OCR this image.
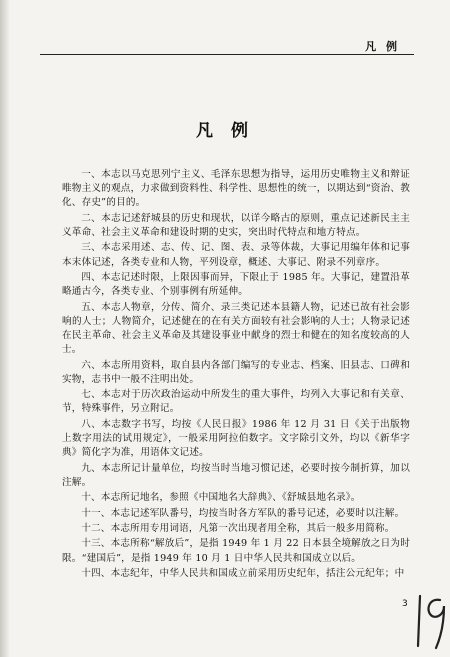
凡 例
凡 例

一、本志以马克思列宁主义、毛泽东思想为指导，运用历史唯物主义和辩证唯物主义的观点，力求做到资料性、科学性、思想性的统一，以期达到“资治、教化、存史”的目的。

二、本志记述舒城县的历史和现状，以详今略古的原则，重点记述新民主主义革命、社会主义革命和建设时期的史实，突出时代特点和地方特点。

三、本志采用述、志、传、记、图、表、录等体裁，大事记用编年体和记事本末体记述，各类专业和人物，平列设章，概述、大事记、附录不列章序。

四、本志记述时限，上限因事而异，下限止于 1985 年。大事记，建置沿革略通古今，各类专业、个别事例有所延伸。

五、本志人物章，分传、简介、录三类记述本县籍人物，记述已故有社会影响的人士；人物简介，记述健在的在有关方面较有社会影响的人士；人物录记述在民主革命、社会主义革命及其建设事业中献身的烈士和健在的知名度较高的人士。

六、本志所用资料，取自县内各部门编写的专业志、档案、旧县志、口碑和实物，志书中一般不注明出处。

七、本志对于历次政治运动中所发生的重大事件，均列入大事记和有关章、节，特殊事件，另立附记。

八、本志数字书写，均按《人民日报》1986 年 12 月 31 日《关于出版物上数字用法的试用规定》，一般采用阿拉伯数字。文字除引文外，均以《新华字典》简化字为准，用语体文记述。

九、本志所记计量单位，均按当时当地习惯记述，必要时按今制折算，加以注解。

十、本志所记地名，参照《中国地名大辞典》、《舒城县地名录》。

十一、本志记述军队番号，均按当时各方军队的番号记述，必要时以注解。

十二、本志所用专用词语，凡第一次出现者用全称，其后一般多用简称。

十三、本志所称“解放后”，是指 1949 年 1 月 22 日本县全境解放之日为时限。“建国后”，是指 1949 年 10 月 1 日中华人民共和国成立以后。

十四、本志纪年，中华人民共和国成立前采用历史纪年，括注公元纪年；中

3
